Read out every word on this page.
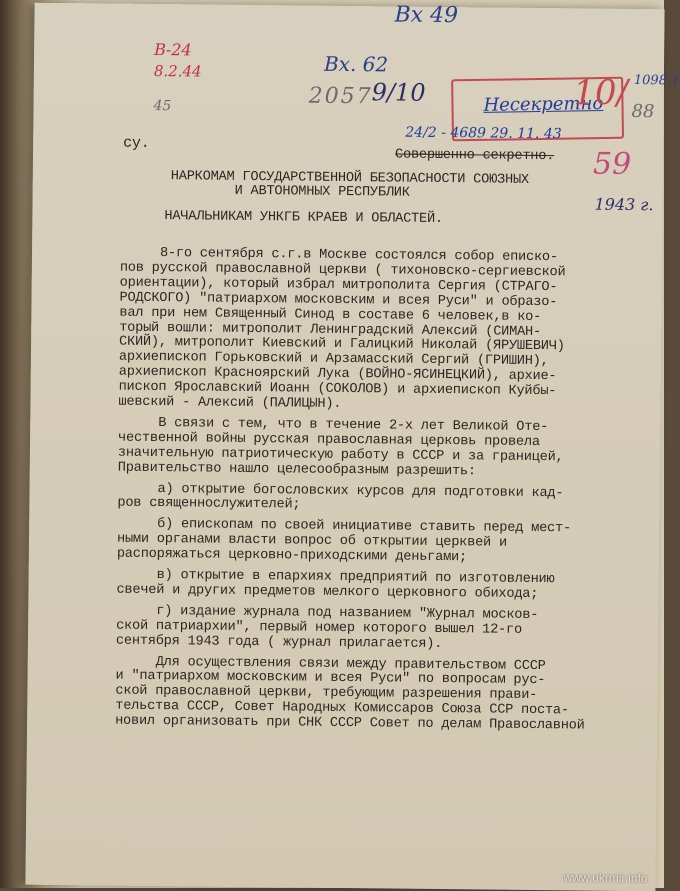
Вх 49
В-24
8.2.44	Вх. 62
2057
9/10	1098.1
88
59
1943 г.
45	Несекретно
10/
24/2 - 4689 29. 11. 43
су.
Совершенно секретно.
НАРКОМАМ ГОСУДАРСТВЕННОЙ БЕЗОПАСНОСТИ СОЮЗНЫХ
И АВТОНОМНЫХ РЕСПУБЛИК
НАЧАЛЬНИКАМ УНКГБ КРАЕВ И ОБЛАСТЕЙ.
8-го сентября с.г.в Москве состоялся собор еписко-
пов русской православной церкви ( тихоновско-сергиевской
ориентации), который избрал митрополита Сергия (СТРАГО-
РОДСКОГО) "патриархом московским и всея Руси" и образо-
вал при нем Священный Синод в составе 6 человек,в ко-
торый вошли: митрополит Ленинградский Алексий (СИМАН-
СКИЙ), митрополит Киевский и Галицкий Николай (ЯРУШЕВИЧ)
архиепископ Горьковский и Арзамасский Сергий (ГРИШИН),
архиепископ Красноярский Лука (ВОЙНО-ЯСИНЕЦКИЙ), архие-
пископ Ярославский Иоанн (СОКОЛОВ) и архиепископ Куйбы-
шевский - Алексий (ПАЛИЦЫН).
В связи с тем, что в течение 2-х лет Великой Оте-
чественной войны русская православная церковь провела
значительную патриотическую работу в СССР и за границей,
Правительство нашло целесообразным разрешить:
а) открытие богословских курсов для подготовки кад-
ров священнослужителей;
б) епископам по своей инициативе ставить перед мест-
ными органами власти вопрос об открытии церквей и
распоряжаться церковно-приходскими деньгами;
в) открытие в епархиях предприятий по изготовлению
свечей и других предметов мелкого церковного обихода;
г) издание журнала под названием "Журнал москов-
ской патриархии", первый номер которого вышел 12-го
сентября 1943 года ( журнал прилагается).
Для осуществления связи между правительством СССР
и "патриархом московским и всея Руси" по вопросам рус-
ской православной церкви, требующим разрешения прави-
тельства СССР, Совет Народных Комиссаров Союза ССР поста-
новил организовать при СНК СССР Совет по делам Православной
www.ukrmir.info
